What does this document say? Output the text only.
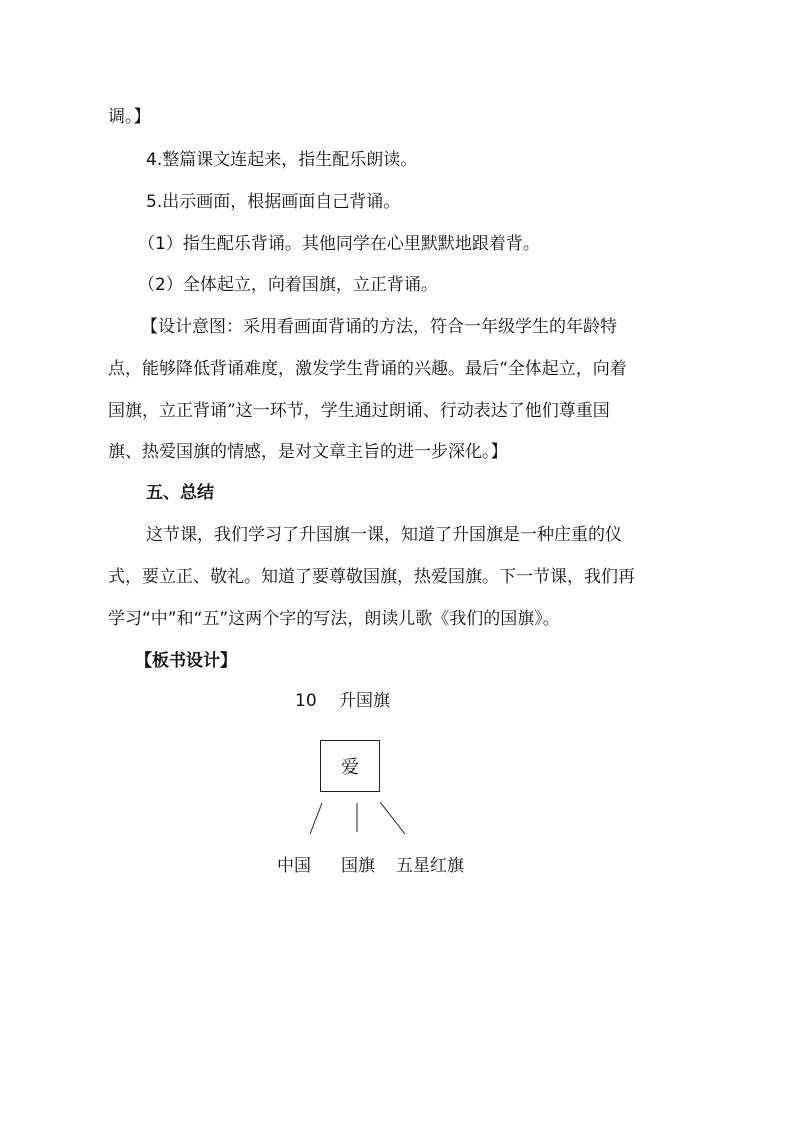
调。】
4.整篇课文连起来，指生配乐朗读。
5.出示画面，根据画面自己背诵。
（1）指生配乐背诵。其他同学在心里默默地跟着背。
（2）全体起立，向着国旗，立正背诵。
【设计意图：采用看画面背诵的方法，符合一年级学生的年龄特
点，能够降低背诵难度，激发学生背诵的兴趣。最后“全体起立，向着
国旗，立正背诵”这一环节，学生通过朗诵、行动表达了他们尊重国
旗、热爱国旗的情感，是对文章主旨的进一步深化。】
五、总结
这节课，我们学习了升国旗一课，知道了升国旗是一种庄重的仪
式，要立正、敬礼。知道了要尊敬国旗，热爱国旗。下一节课，我们再
学习“中”和“五”这两个字的写法，朗读儿歌《我们的国旗》。
【板书设计】
10 升国旗
爱
中国 国旗 五星红旗
